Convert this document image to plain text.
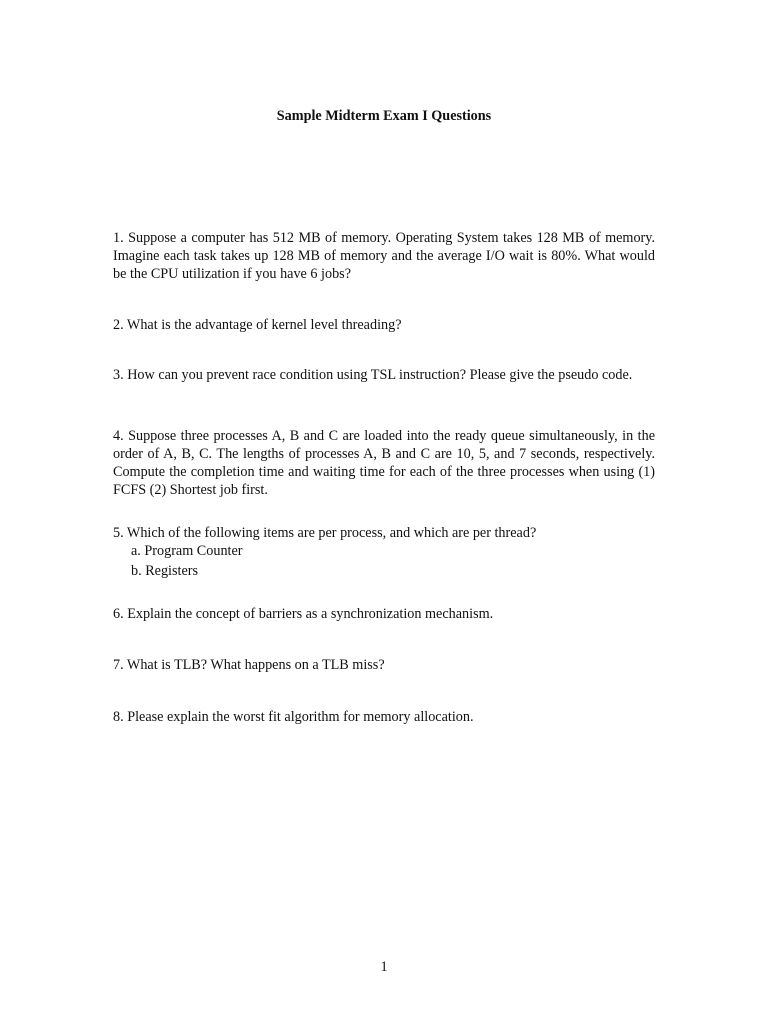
Sample Midterm Exam I Questions

1. Suppose a computer has 512 MB of memory. Operating System takes 128 MB of memory. Imagine each task takes up 128 MB of memory and the average I/O wait is 80%. What would be the CPU utilization if you have 6 jobs?

2. What is the advantage of kernel level threading?

3. How can you prevent race condition using TSL instruction? Please give the pseudo code.

4. Suppose three processes A, B and C are loaded into the ready queue simultaneously, in the order of A, B, C. The lengths of processes A, B and C are 10, 5, and 7 seconds, respectively. Compute the completion time and waiting time for each of the three processes when using (1) FCFS (2) Shortest job first.

5. Which of the following items are per process, and which are per thread?

a. Program Counter
b. Registers

6. Explain the concept of barriers as a synchronization mechanism.

7. What is TLB? What happens on a TLB miss?

8. Please explain the worst fit algorithm for memory allocation.

1
